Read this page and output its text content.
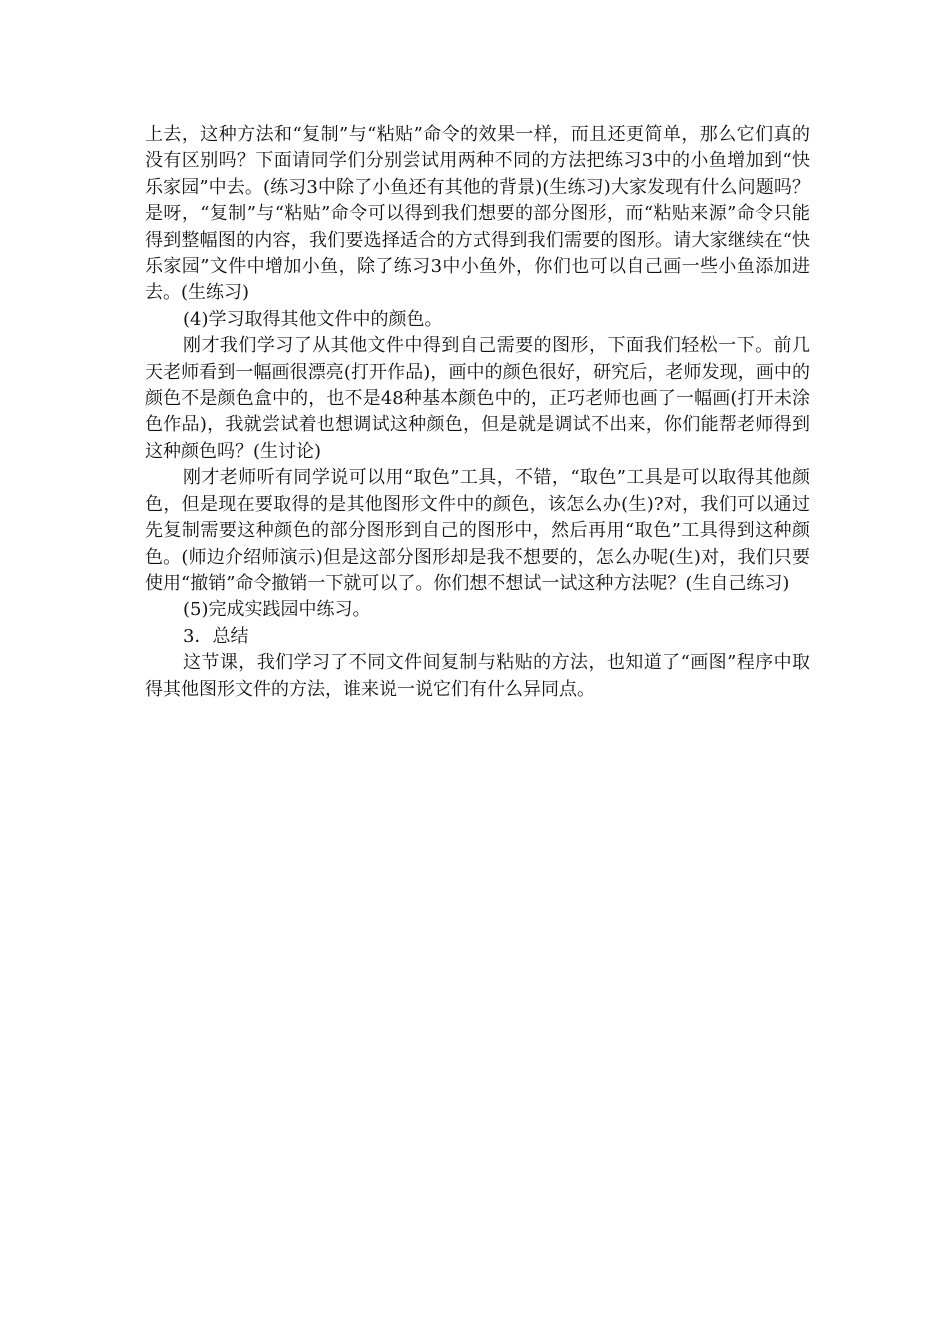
上去，这种方法和“复制”与“粘贴”命令的效果一样，而且还更简单，那么它们真的没有区别吗？下面请同学们分别尝试用两种不同的方法把练习3中的小鱼增加到“快乐家园”中去。(练习3中除了小鱼还有其他的背景)(生练习)大家发现有什么问题吗？是呀，“复制”与“粘贴”命令可以得到我们想要的部分图形，而“粘贴来源”命令只能得到整幅图的内容，我们要选择适合的方式得到我们需要的图形。请大家继续在“快乐家园”文件中增加小鱼，除了练习3中小鱼外，你们也可以自己画一些小鱼添加进去。(生练习)

(4)学习取得其他文件中的颜色。

刚才我们学习了从其他文件中得到自己需要的图形，下面我们轻松一下。前几天老师看到一幅画很漂亮(打开作品)，画中的颜色很好，研究后，老师发现，画中的颜色不是颜色盒中的，也不是48种基本颜色中的，正巧老师也画了一幅画(打开未涂色作品)，我就尝试着也想调试这种颜色，但是就是调试不出来，你们能帮老师得到这种颜色吗？(生讨论)

刚才老师听有同学说可以用“取色”工具，不错，“取色”工具是可以取得其他颜色，但是现在要取得的是其他图形文件中的颜色，该怎么办(生)?对，我们可以通过先复制需要这种颜色的部分图形到自己的图形中，然后再用“取色”工具得到这种颜色。(师边介绍师演示)但是这部分图形却是我不想要的，怎么办呢(生)对，我们只要使用“撤销”命令撤销一下就可以了。你们想不想试一试这种方法呢？(生自己练习)

(5)完成实践园中练习。

3．总结

这节课，我们学习了不同文件间复制与粘贴的方法，也知道了“画图”程序中取得其他图形文件的方法，谁来说一说它们有什么异同点。
